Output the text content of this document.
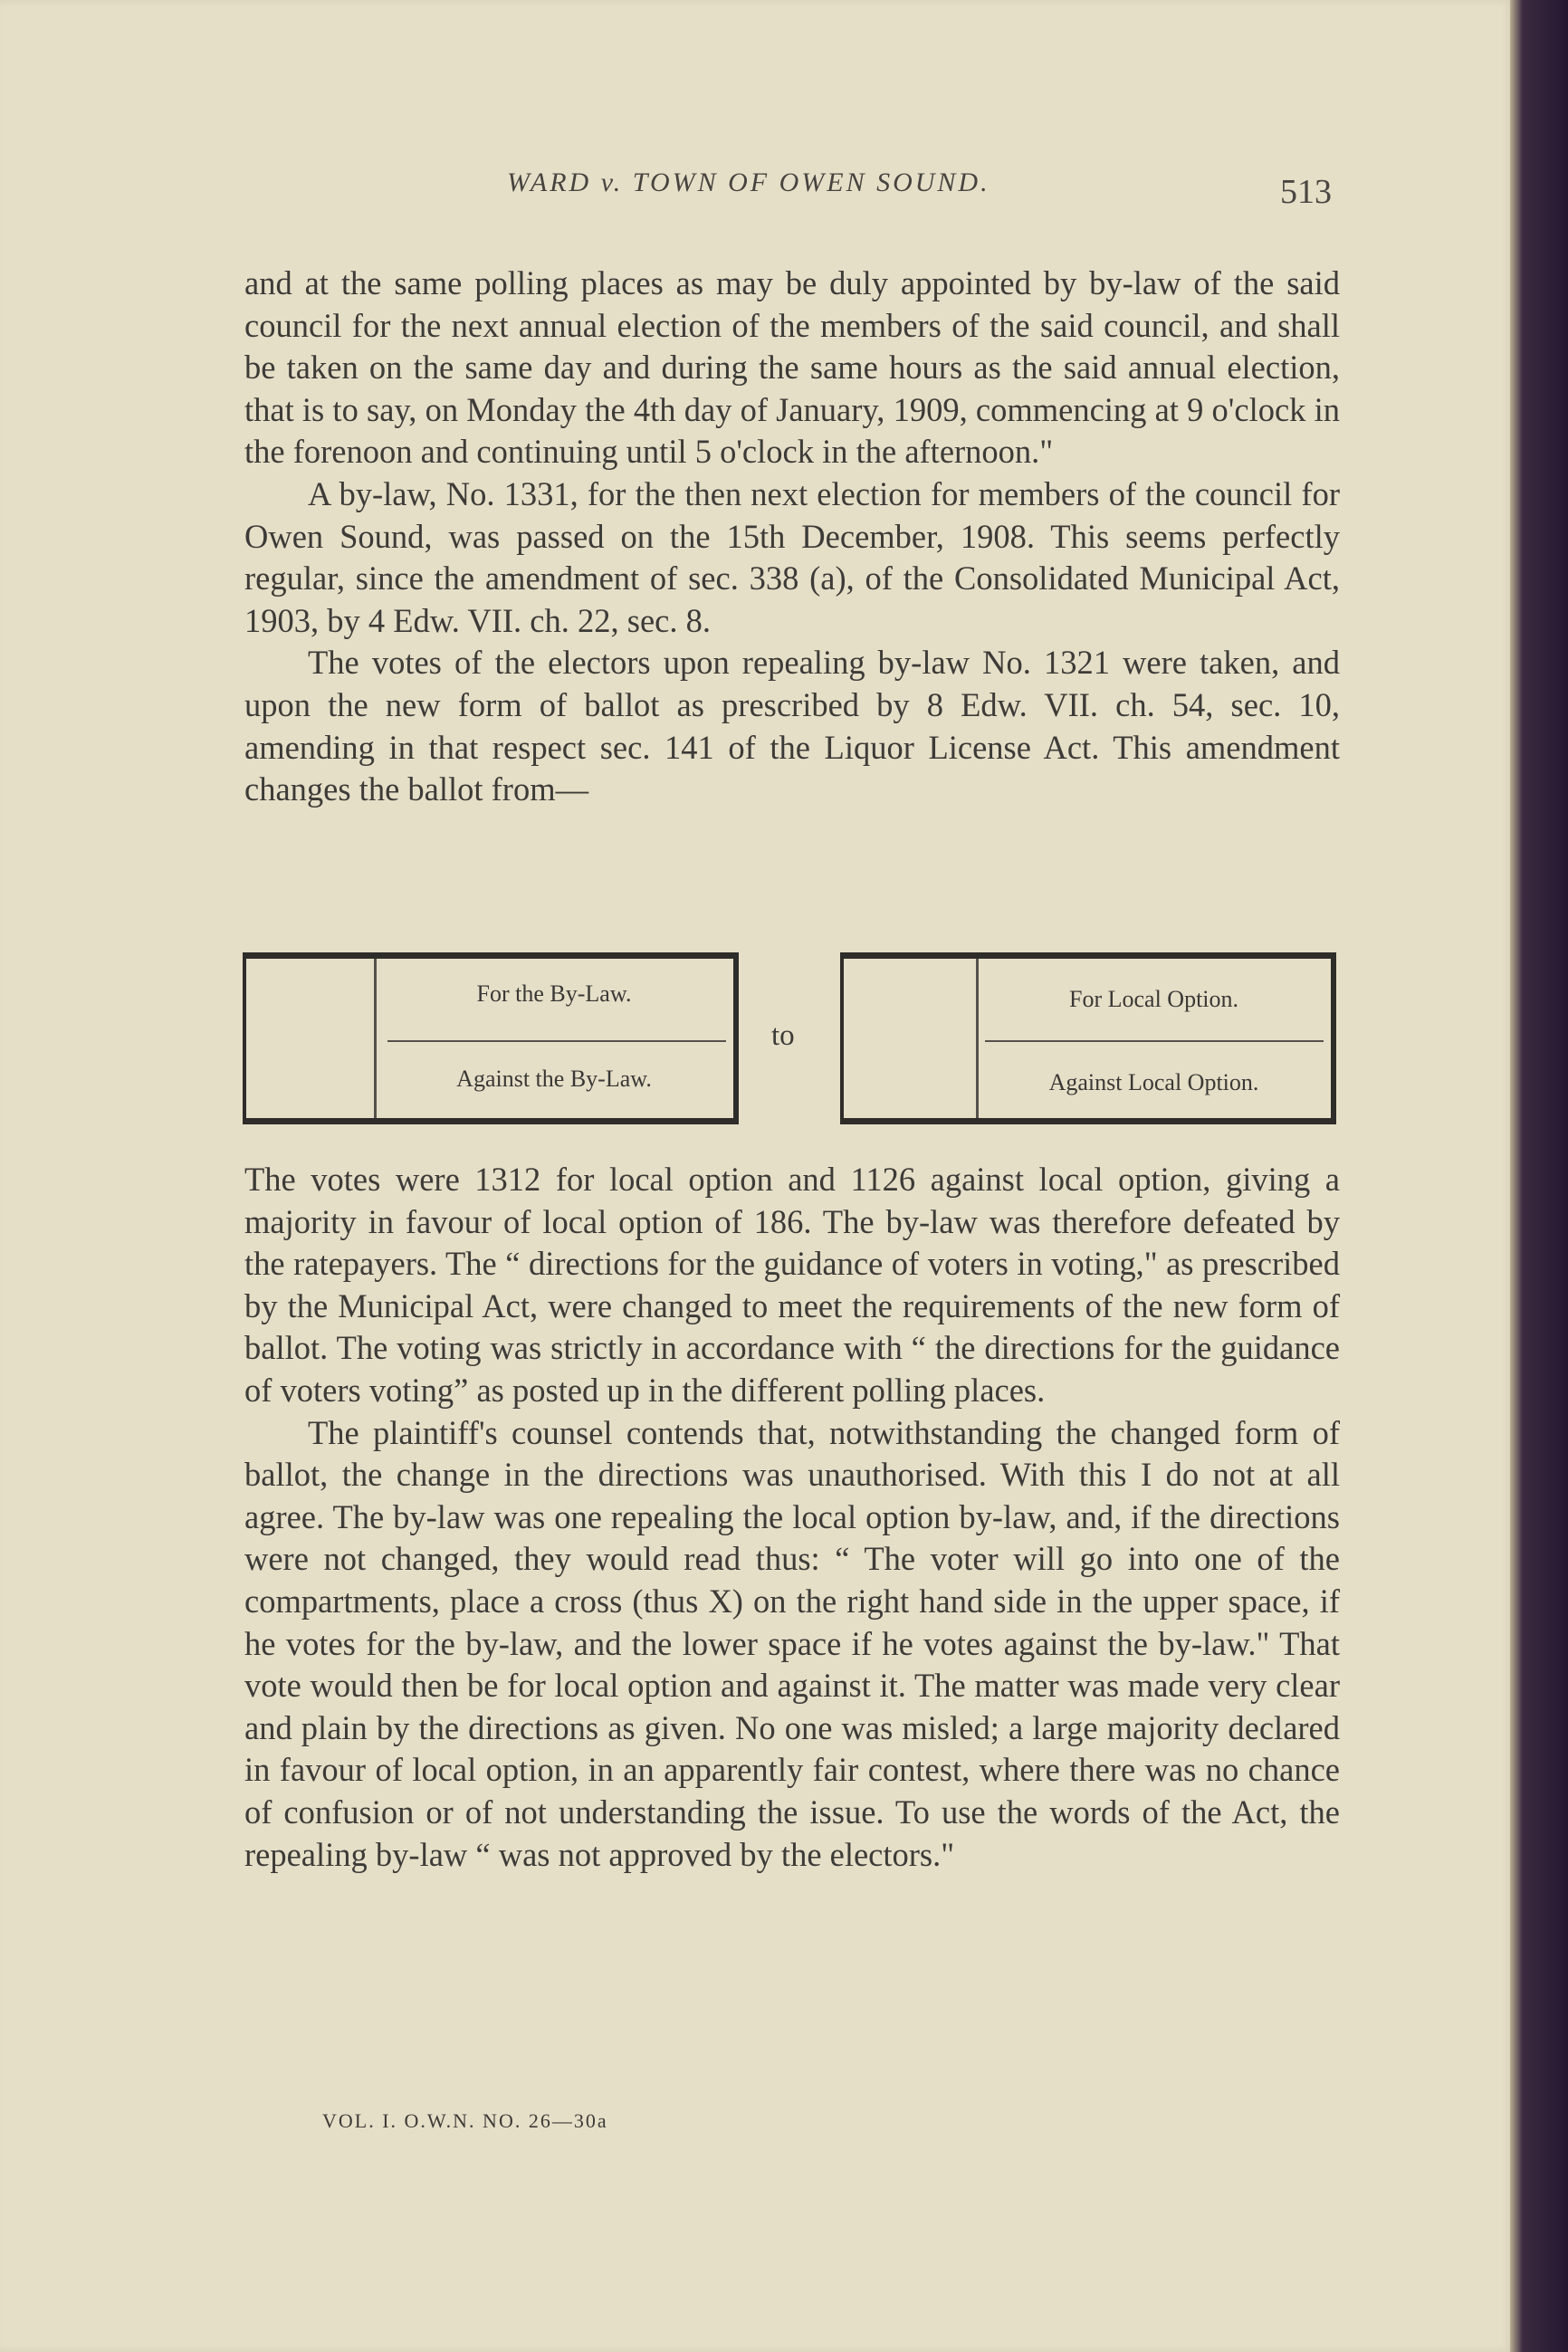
WARD v. TOWN OF OWEN SOUND.	513

and at the same polling places as may be duly appointed by by-law of the said council for the next annual election of the members of the said council, and shall be taken on the same day and during the same hours as the said annual election, that is to say, on Monday the 4th day of January, 1909, commencing at 9 o'clock in the forenoon and continuing until 5 o'clock in the afternoon."

A by-law, No. 1331, for the then next election for members of the council for Owen Sound, was passed on the 15th December, 1908. This seems perfectly regular, since the amendment of sec. 338 (a), of the Consolidated Municipal Act, 1903, by 4 Edw. VII. ch. 22, sec. 8.

The votes of the electors upon repealing by-law No. 1321 were taken, and upon the new form of ballot as prescribed by 8 Edw. VII. ch. 54, sec. 10, amending in that respect sec. 141 of the Liquor License Act. This amendment changes the ballot from—

For the By-Law.
Against the By-Law.
to
For Local Option.
Against Local Option.

The votes were 1312 for local option and 1126 against local option, giving a majority in favour of local option of 186. The by-law was therefore defeated by the ratepayers. The “ directions for the guidance of voters in voting," as prescribed by the Municipal Act, were changed to meet the requirements of the new form of ballot. The voting was strictly in accordance with “ the directions for the guidance of voters voting” as posted up in the different polling places.

The plaintiff's counsel contends that, notwithstanding the changed form of ballot, the change in the directions was unauthorised. With this I do not at all agree. The by-law was one repealing the local option by-law, and, if the directions were not changed, they would read thus: “ The voter will go into one of the compartments, place a cross (thus X) on the right hand side in the upper space, if he votes for the by-law, and the lower space if he votes against the by-law." That vote would then be for local option and against it. The matter was made very clear and plain by the directions as given. No one was misled; a large majority declared in favour of local option, in an apparently fair contest, where there was no chance of confusion or of not understanding the issue. To use the words of the Act, the repealing by-law “ was not approved by the electors."

VOL. I. O.W.N. NO. 26—30a
